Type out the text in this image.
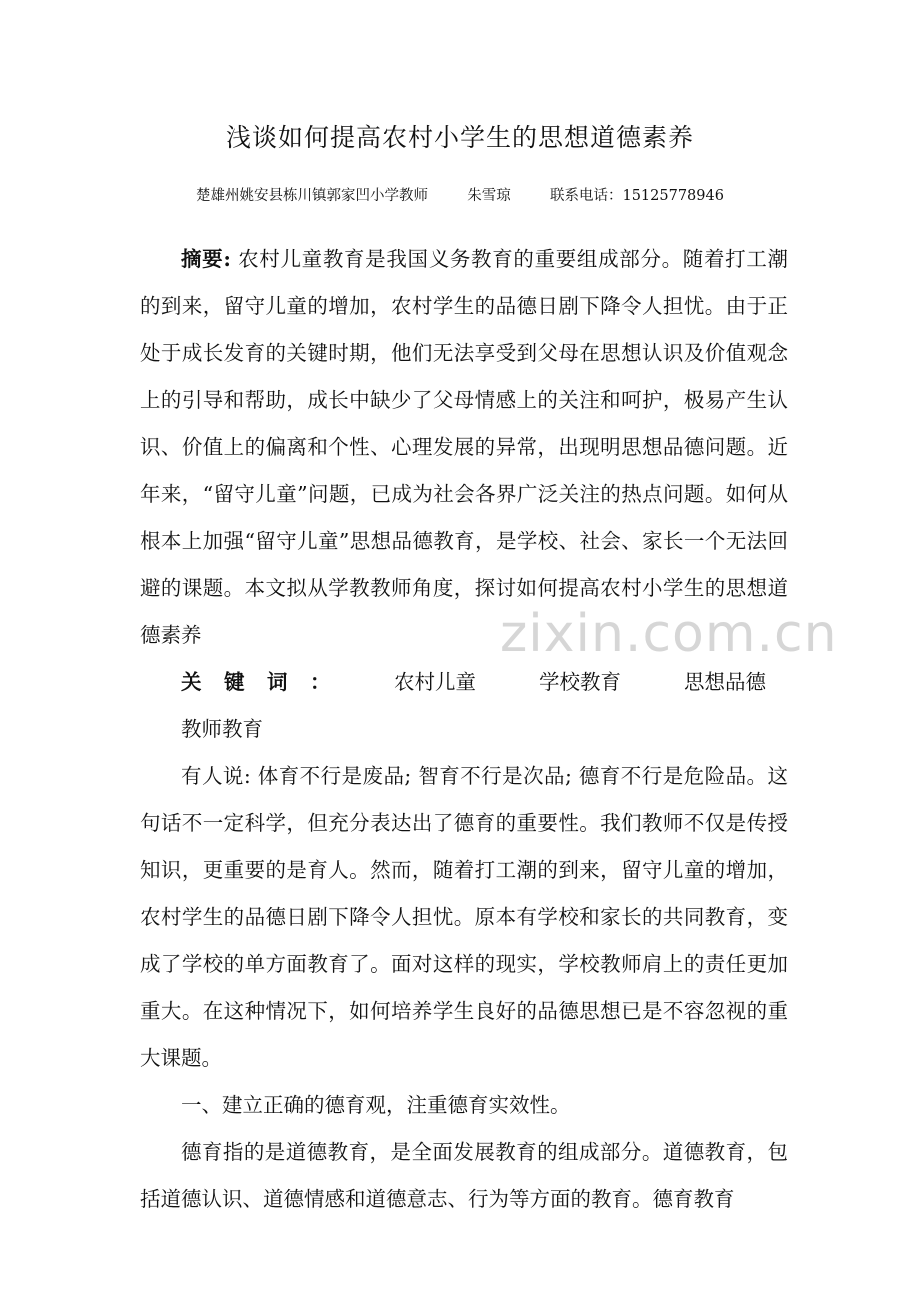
浅谈如何提高农村小学生的思想道德素养
楚雄州姚安县栋川镇郭家凹小学教师	朱雪琼	联系电话：15125778946

摘要: 农村儿童教育是我国义务教育的重要组成部分。随着打工潮的到来，留守儿童的增加，农村学生的品德日剧下降令人担忧。由于正处于成长发育的关键时期，他们无法享受到父母在思想认识及价值观念上的引导和帮助，成长中缺少了父母情感上的关注和呵护，极易产生认识、价值上的偏离和个性、心理发展的异常，出现明思想品德问题。近年来，“留守儿童”问题，已成为社会各界广泛关注的热点问题。如何从根本上加强“留守儿童”思想品德教育，是学校、社会、家长一个无法回避的课题。本文拟从学教教师角度，探讨如何提高农村小学生的思想道德素养

关键词： 农村儿童	学校教育	思想品德教师教育

有人说: 体育不行是废品; 智育不行是次品; 德育不行是危险品。这句话不一定科学，但充分表达出了德育的重要性。我们教师不仅是传授知识，更重要的是育人。然而，随着打工潮的到来，留守儿童的增加，农村学生的品德日剧下降令人担忧。原本有学校和家长的共同教育，变成了学校的单方面教育了。面对这样的现实，学校教师肩上的责任更加重大。在这种情况下，如何培养学生良好的品德思想已是不容忽视的重大课题。

一、建立正确的德育观，注重德育实效性。

德育指的是道德教育，是全面发展教育的组成部分。道德教育，包括道德认识、道德情感和道德意志、行为等方面的教育。德育教育

zixin.com.cn
